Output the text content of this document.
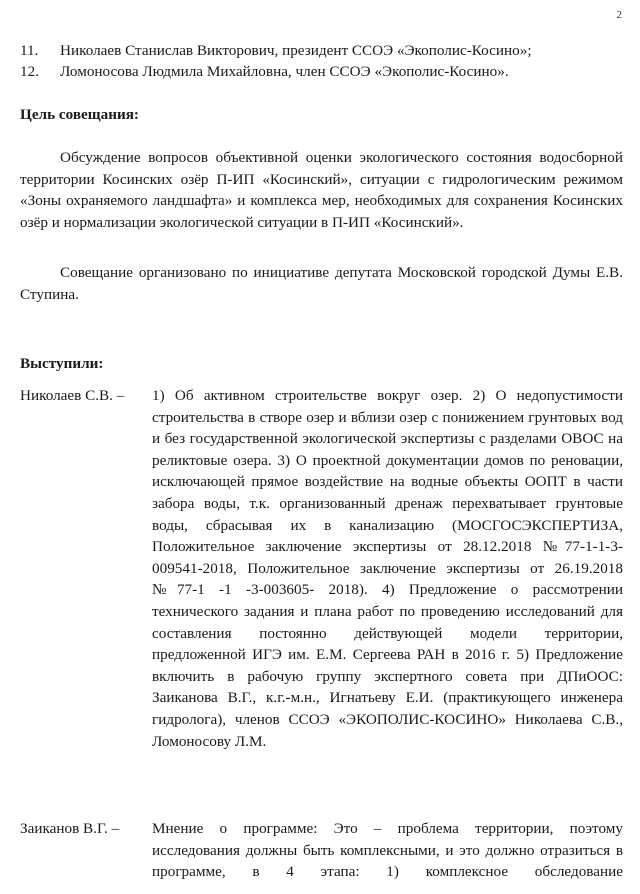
2
11.	Николаев Станислав Викторович, президент ССОЭ «Экополис-Косино»;
12.	Ломоносова Людмила Михайловна, член ССОЭ «Экополис-Косино».
Цель совещания:
Обсуждение вопросов объективной оценки экологического состояния водосборной территории Косинских озёр П-ИП «Косинский», ситуации с гидрологическим режимом «Зоны охраняемого ландшафта» и комплекса мер, необходимых для сохранения Косинских озёр и нормализации экологической ситуации в П-ИП «Косинский».
Совещание организовано по инициативе депутата Московской городской Думы Е.В. Ступина.
Выступили:
Николаев С.В. – 1) Об активном строительстве вокруг озер. 2) О недопустимости строительства в створе озер и вблизи озер с понижением грунтовых вод и без государственной экологической экспертизы с разделами ОВОС на реликтовые озера. 3) О проектной документации домов по реновации, исключающей прямое воздействие на водные объекты ООПТ в части забора воды, т.к. организованный дренаж перехватывает грунтовые воды, сбрасывая их в канализацию (МОСГОСЭКСПЕРТИЗА, Положительное заключение экспертизы от 28.12.2018 №77-1-1-3-009541-2018, Положительное заключение экспертизы от 26.19.2018 №77-1 -1 -3-003605- 2018). 4) Предложение о рассмотрении технического задания и плана работ по проведению исследований для составления постоянно действующей модели территории, предложенной ИГЭ им. Е.М. Сергеева РАН в 2016 г. 5) Предложение включить в рабочую группу экспертного совета при ДПиООС: Заиканова В.Г., к.г.-м.н., Игнатьеву Е.И. (практикующего инженера гидролога), членов ССОЭ «ЭКОПОЛИС-КОСИНО» Николаева С.В., Ломоносову Л.М.
Заиканов В.Г. – Мнение о программе: Это – проблема территории, поэтому исследования должны быть комплексными, и это должно отразиться в программе, в 4 этапа: 1) комплексное обследование
